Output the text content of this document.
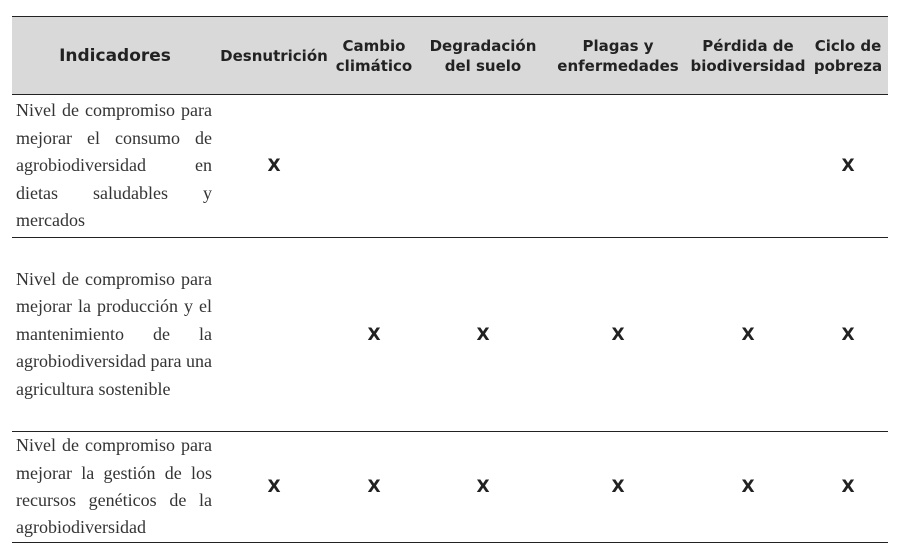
Indicadores	Desnutrición	Cambio climático	Degradación del suelo	Plagas y enfermedades	Pérdida de biodiversidad	Ciclo de pobreza
Nivel de compromiso para mejorar el consumo de agrobiodiversidad en dietas saludables y mercados	X					X
Nivel de compromiso para mejorar la producción y el mantenimiento de la agrobiodiversidad para una agricultura sostenible		X	X	X	X	X
Nivel de compromiso para mejorar la gestión de los recursos genéticos de la agrobiodiversidad	X	X	X	X	X	X
